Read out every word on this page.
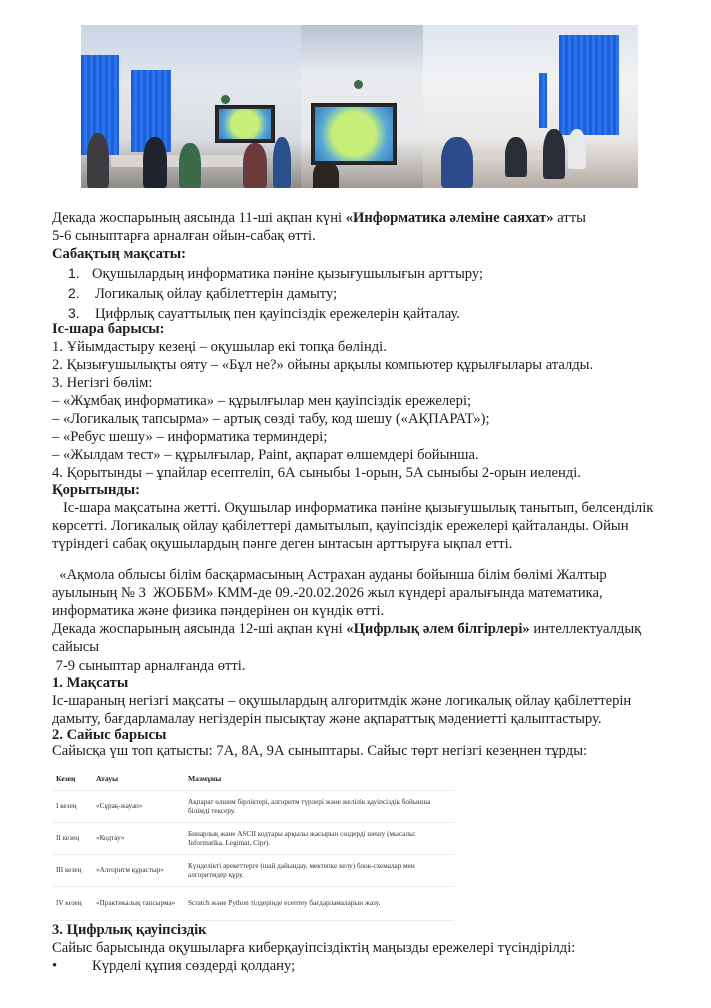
Декада жоспарының аясында 11-ші ақпан күні «Информатика әлеміне саяхат» атты
5-6 сыныптарға арналған ойын-сабақ өтті.
Сабақтың мақсаты:
1. Оқушылардың информатика пәніне қызығушылығын арттыру;
2. Логикалық ойлау қабілеттерін дамыту;
3. Цифрлық сауаттылық пен қауіпсіздік ережелерін қайталау.
Іс-шара барысы:
1. Ұйымдастыру кезеңі – оқушылар екі топқа бөлінді.
2. Қызығушылықты ояту – «Бұл не?» ойыны арқылы компьютер құрылғылары аталды.
3. Негізгі бөлім:
– «Жұмбақ информатика» – құрылғылар мен қауіпсіздік ережелері;
– «Логикалық тапсырма» – артық сөзді табу, код шешу («АҚПАРАТ»);
– «Ребус шешу» – информатика терминдері;
– «Жылдам тест» – құрылғылар, Paint, ақпарат өлшемдері бойынша.
4. Қорытынды – ұпайлар есептеліп, 6А сыныбы 1-орын, 5А сыныбы 2-орын иеленді.
Қорытынды:
Іс-шара мақсатына жетті. Оқушылар информатика пәніне қызығушылық танытып, белсенділік
көрсетті. Логикалық ойлау қабілеттері дамытылып, қауіпсіздік ережелері қайталанды. Ойын
түріндегі сабақ оқушылардың пәнге деген ынтасын арттыруға ықпал етті.
«Ақмола облысы білім басқармасының Астрахан ауданы бойынша білім бөлімі Жалтыр
ауылының № 3  ЖОББМ» КММ-де 09.-20.02.2026 жыл күндері аралығында математика,
информатика және физика пәндерінен он күндік өтті.
Декада жоспарының аясында 12-ші ақпан күні «Цифрлық әлем білгірлері» интеллектуалдық
сайысы
7-9 сыныптар арналғанда өтті.
1. Мақсаты
Іс-шараның негізгі мақсаты – оқушылардың алгоритмдік және логикалық ойлау қабілеттерін
дамыту, бағдарламалау негіздерін пысықтау және ақпараттық мәдениетті қалыптастыру.
2. Сайыс барысы
Сайысқа үш топ қатысты: 7А, 8А, 9А сыныптары. Сайыс төрт негізгі кезеңнен тұрды:
Кезең	Атауы	Мазмұны
I кезең	«Сұрақ-жауап»	Ақпарат өлшем бірліктері, алгоритм түрлері және желілік қауіпсіздік бойынша білімді тексеру.
II кезең	«Кодтау»	Бинарлық және ASCII кодтары арқылы жасырын сөздерді шешу (мысалы: Informatika, Legimat, Cipr).
III кезең	«Алгоритм құрастыр»	Күнделікті әрекеттерге (шай дайындау, мектепке келу) блок-схемалар мен алгоритмдер құру.
IV кезең	«Практикалық тапсырма»	Scratch және Python тілдерінде есептеу бағдарламаларын жазу.
3. Цифрлық қауіпсіздік
Сайыс барысында оқушыларға киберқауіпсіздіктің маңызды ережелері түсіндірілді:
• Күрделі құпия сөздерді қолдану;
